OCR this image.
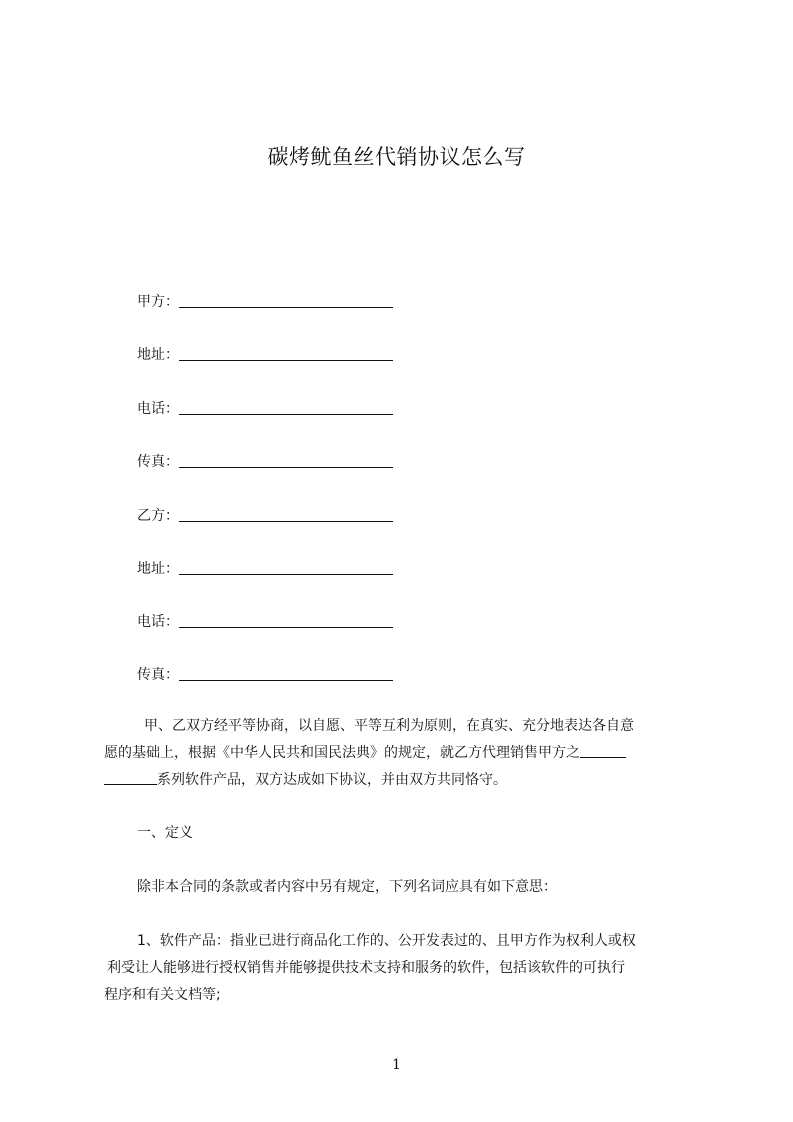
碳烤鱿鱼丝代销协议怎么写
甲方：
地址：
电话：
传真：
乙方：
地址：
电话：
传真：
甲、乙双方经平等协商，以自愿、平等互利为原则，在真实、充分地表达各自意
愿的基础上，根据《中华人民共和国民法典》的规定，就乙方代理销售甲方之
系列软件产品，双方达成如下协议，并由双方共同恪守。
一、定义
除非本合同的条款或者内容中另有规定，下列名词应具有如下意思：
1、软件产品：指业已进行商品化工作的、公开发表过的、且甲方作为权利人或权
利受让人能够进行授权销售并能够提供技术支持和服务的软件，包括该软件的可执行
程序和有关文档等;
1
